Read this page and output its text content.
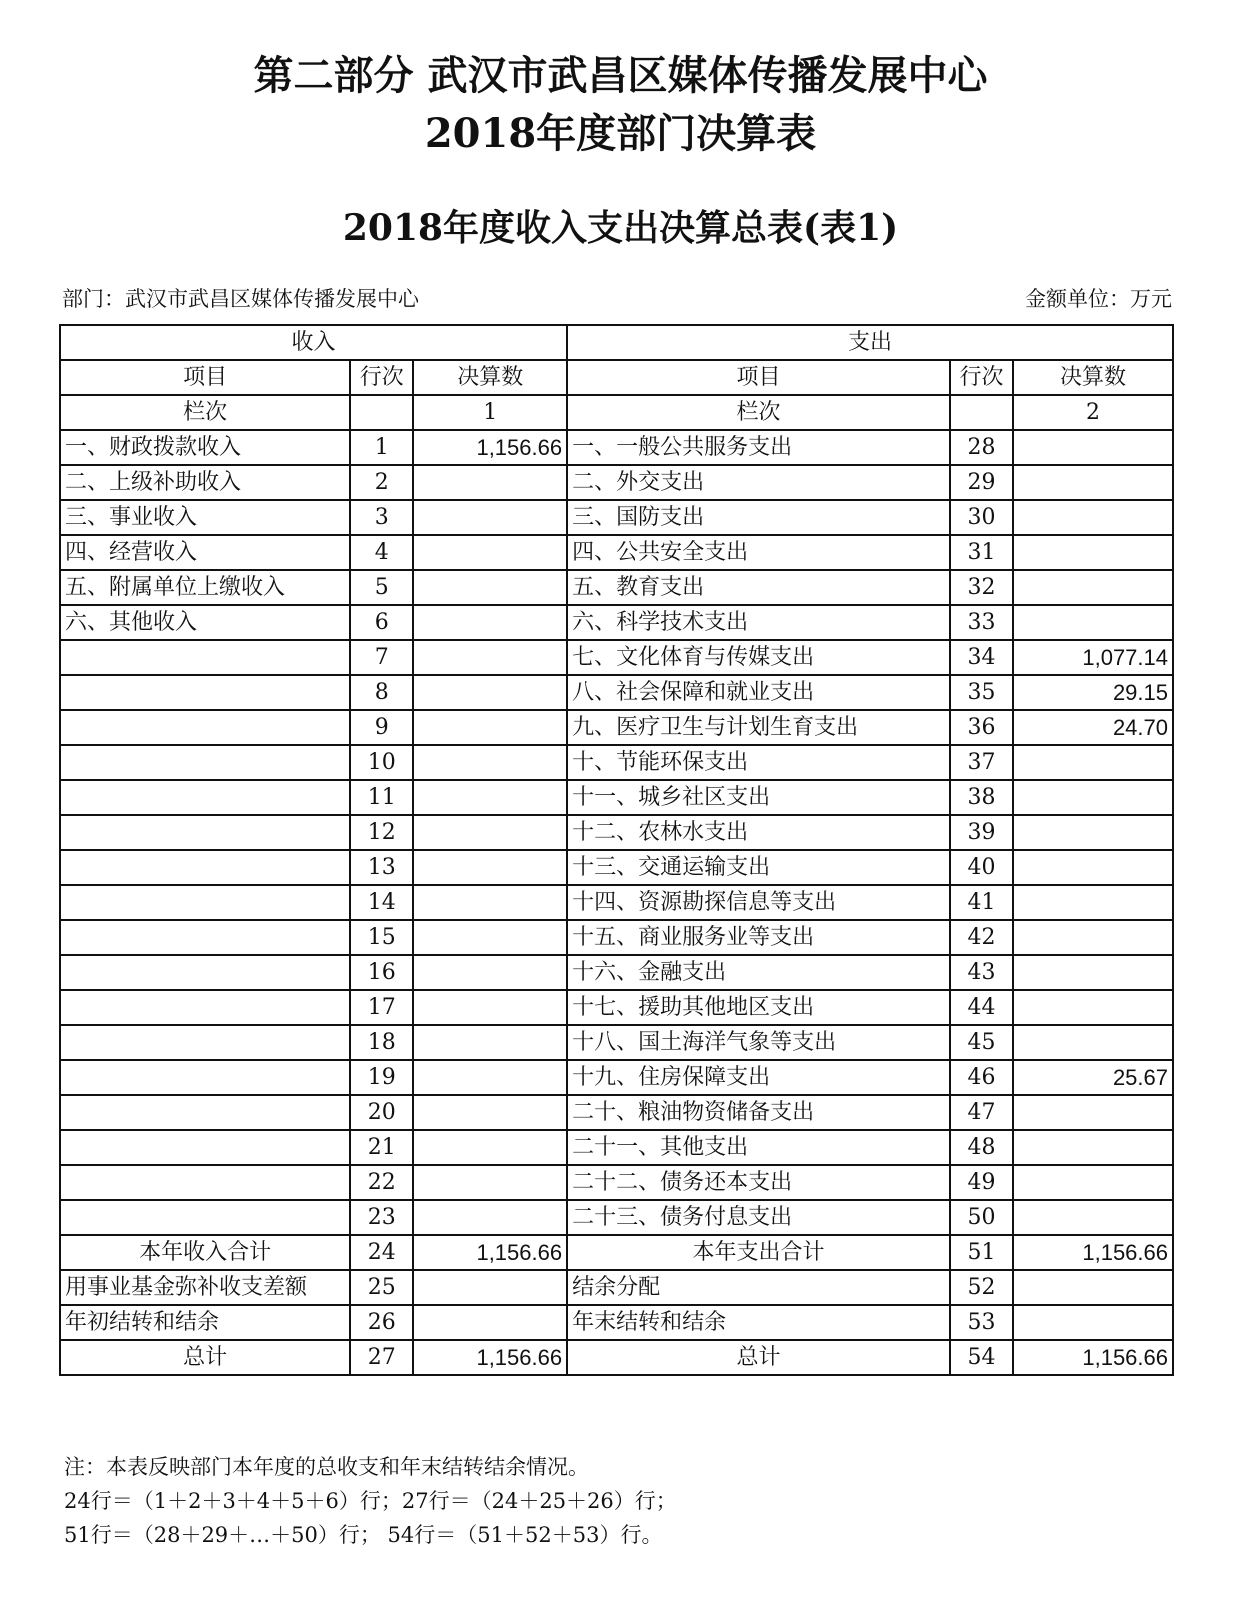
第二部分 武汉市武昌区媒体传播发展中心
2018年度部门决算表
2018年度收入支出决算总表(表1)
部门：武汉市武昌区媒体传播发展中心	金额单位：万元
收入			支出		
项目	行次	决算数	项目	行次	决算数
栏次		1	栏次		2
一、财政拨款收入	1	1,156.66	一、一般公共服务支出	28	
二、上级补助收入	2		二、外交支出	29	
三、事业收入	3		三、国防支出	30	
四、经营收入	4		四、公共安全支出	31	
五、附属单位上缴收入	5		五、教育支出	32	
六、其他收入	6		六、科学技术支出	33	
	7		七、文化体育与传媒支出	34	1,077.14
	8		八、社会保障和就业支出	35	29.15
	9		九、医疗卫生与计划生育支出	36	24.70
	10		十、节能环保支出	37	
	11		十一、城乡社区支出	38	
	12		十二、农林水支出	39	
	13		十三、交通运输支出	40	
	14		十四、资源勘探信息等支出	41	
	15		十五、商业服务业等支出	42	
	16		十六、金融支出	43	
	17		十七、援助其他地区支出	44	
	18		十八、国土海洋气象等支出	45	
	19		十九、住房保障支出	46	25.67
	20		二十、粮油物资储备支出	47	
	21		二十一、其他支出	48	
	22		二十二、债务还本支出	49	
	23		二十三、债务付息支出	50	
本年收入合计	24	1,156.66	本年支出合计	51	1,156.66
用事业基金弥补收支差额	25		结余分配	52	
年初结转和结余	26		年末结转和结余	53	
总计	27	1,156.66	总计	54	1,156.66
注：本表反映部门本年度的总收支和年末结转结余情况。
24行＝（1＋2＋3＋4＋5＋6）行；27行＝（24＋25＋26）行；
51行＝（28＋29＋…＋50）行； 54行＝（51＋52＋53）行。
